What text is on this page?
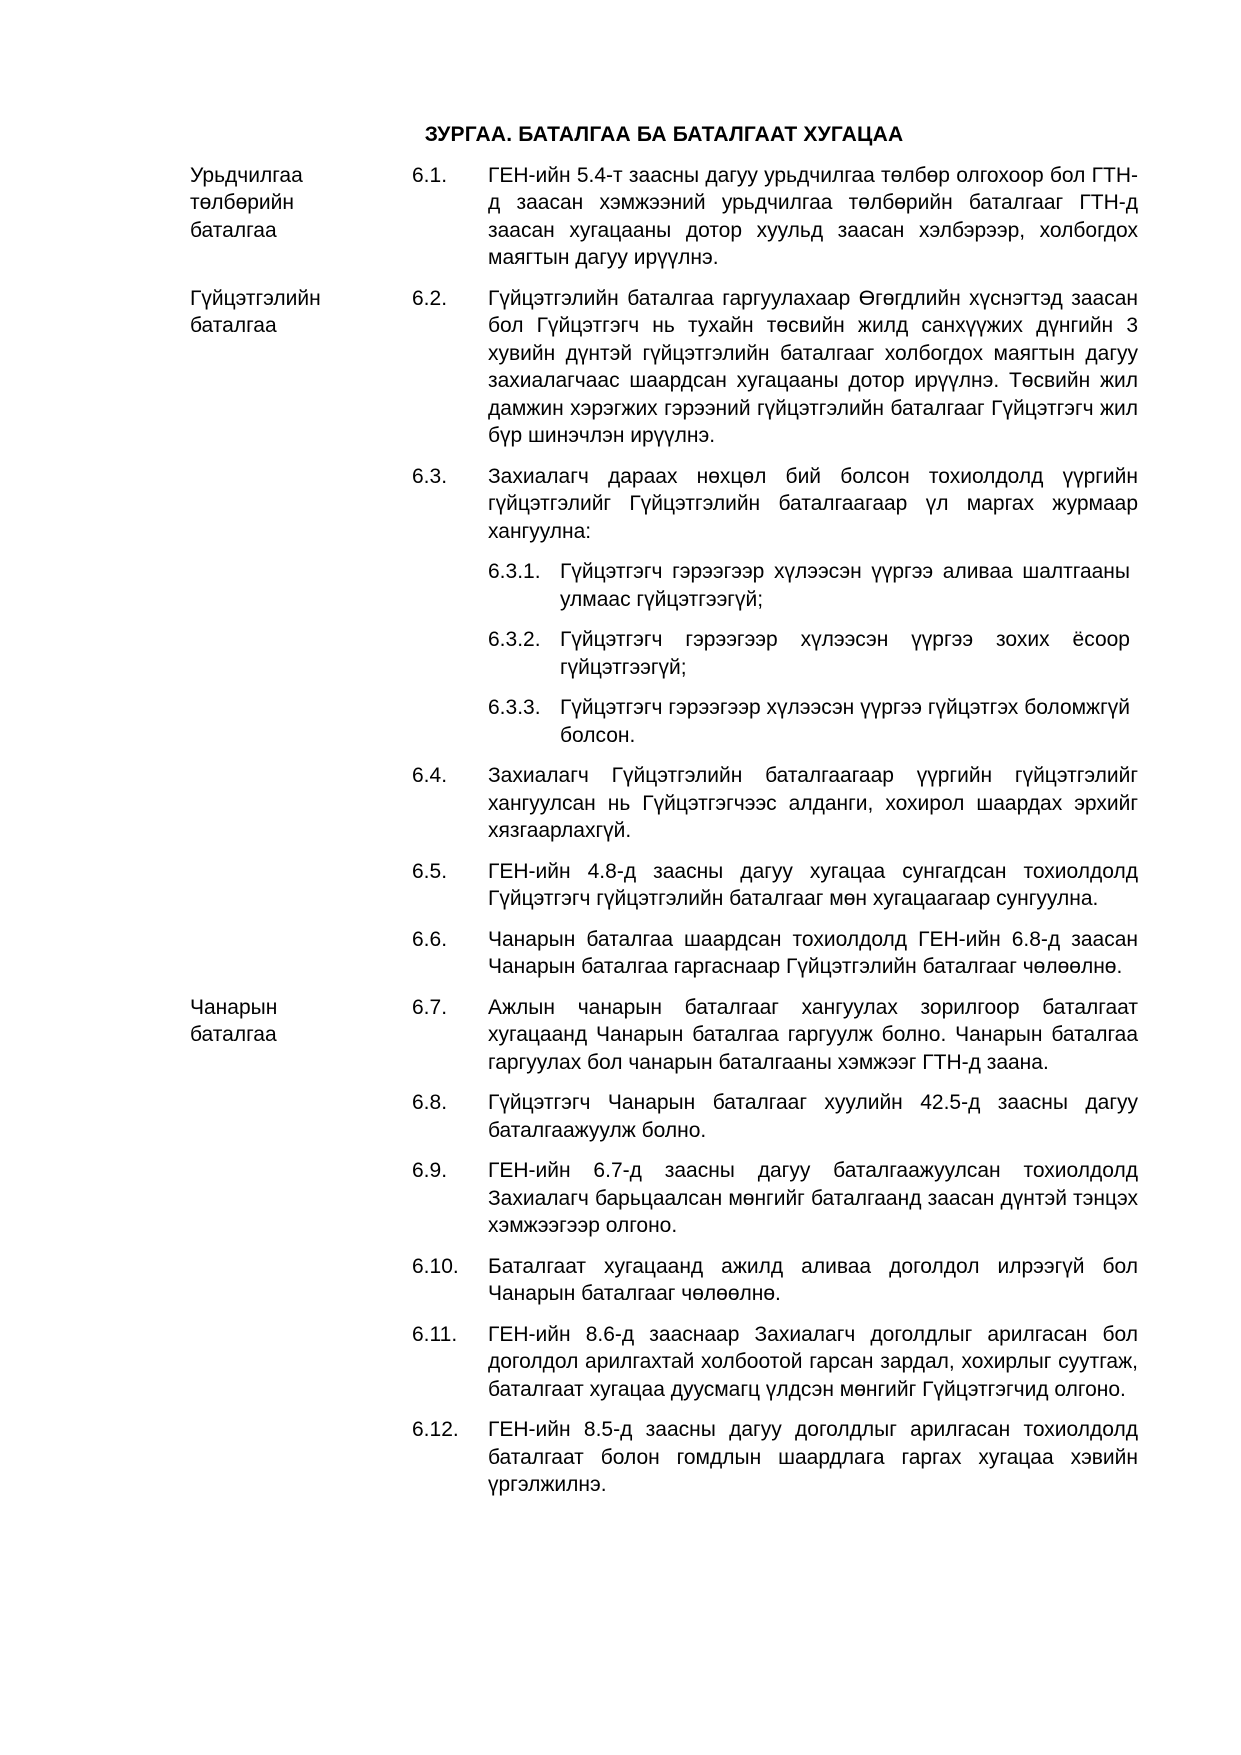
ЗУРГАА. БАТАЛГАА БА БАТАЛГААТ ХУГАЦАА
Урьдчилгаа төлбөрийн баталгаа
6.1.	ГЕН-ийн 5.4-т заасны дагуу урьдчилгаа төлбөр олгохоор бол ГТН-д заасан хэмжээний урьдчилгаа төлбөрийн баталгааг ГТН-д заасан хугацааны дотор хуульд заасан хэлбэрээр, холбогдох маягтын дагуу ирүүлнэ.
Гүйцэтгэлийн баталгаа
6.2.	Гүйцэтгэлийн баталгаа гаргуулахаар Өгөгдлийн хүснэгтэд заасан бол Гүйцэтгэгч нь тухайн төсвийн жилд санхүүжих дүнгийн 3 хувийн дүнтэй гүйцэтгэлийн баталгааг холбогдох маягтын дагуу захиалагчаас шаардсан хугацааны дотор ирүүлнэ. Төсвийн жил дамжин хэрэгжих гэрээний гүйцэтгэлийн баталгааг Гүйцэтгэгч жил бүр шинэчлэн ирүүлнэ.
6.3.	Захиалагч дараах нөхцөл бий болсон тохиолдолд үүргийн гүйцэтгэлийг Гүйцэтгэлийн баталгаагаар үл маргах журмаар хангуулна:
6.3.1. Гүйцэтгэгч гэрээгээр хүлээсэн үүргээ аливаа шалтгааны улмаас гүйцэтгээгүй;
6.3.2. Гүйцэтгэгч гэрээгээр хүлээсэн үүргээ зохих ёсоор гүйцэтгээгүй;
6.3.3. Гүйцэтгэгч гэрээгээр хүлээсэн үүргээ гүйцэтгэх боломжгүй болсон.
6.4.	Захиалагч Гүйцэтгэлийн баталгаагаар үүргийн гүйцэтгэлийг хангуулсан нь Гүйцэтгэгчээс алданги, хохирол шаардах эрхийг хязгаарлахгүй.
6.5.	ГЕН-ийн 4.8-д заасны дагуу хугацаа сунгагдсан тохиолдолд Гүйцэтгэгч гүйцэтгэлийн баталгааг мөн хугацаагаар сунгуулна.
6.6.	Чанарын баталгаа шаардсан тохиолдолд ГЕН-ийн 6.8-д заасан Чанарын баталгаа гаргаснаар Гүйцэтгэлийн баталгааг чөлөөлнө.
Чанарын баталгаа
6.7.	Ажлын чанарын баталгааг хангуулах зорилгоор баталгаат хугацаанд Чанарын баталгаа гаргуулж болно. Чанарын баталгаа гаргуулах бол чанарын баталгааны хэмжээг ГТН-д заана.
6.8.	Гүйцэтгэгч Чанарын баталгааг хуулийн 42.5-д заасны дагуу баталгаажуулж болно.
6.9.	ГЕН-ийн 6.7-д заасны дагуу баталгаажуулсан тохиолдолд Захиалагч барьцаалсан мөнгийг баталгаанд заасан дүнтэй тэнцэх хэмжээгээр олгоно.
6.10.	Баталгаат хугацаанд ажилд аливаа доголдол илрээгүй бол Чанарын баталгааг чөлөөлнө.
6.11.	ГЕН-ийн 8.6-д зааснаар Захиалагч доголдлыг арилгасан бол доголдол арилгахтай холбоотой гарсан зардал, хохирлыг суутгаж, баталгаат хугацаа дуусмагц үлдсэн мөнгийг Гүйцэтгэгчид олгоно.
6.12.	ГЕН-ийн 8.5-д заасны дагуу доголдлыг арилгасан тохиолдолд баталгаат болон гомдлын шаардлага гаргах хугацаа хэвийн үргэлжилнэ.
